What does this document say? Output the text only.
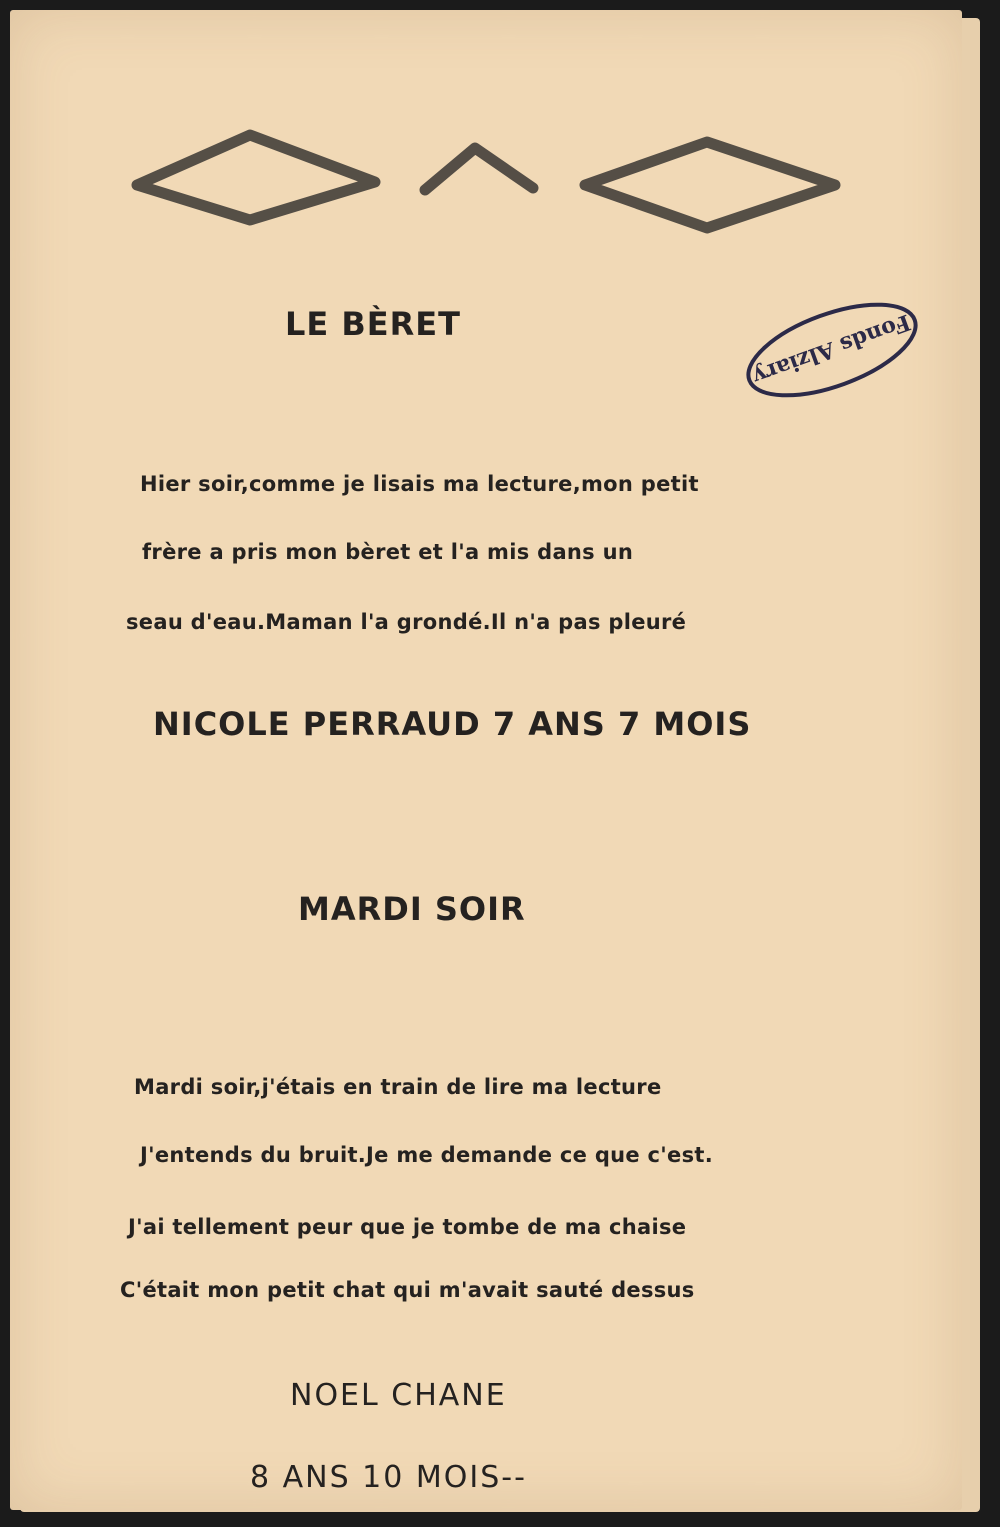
Fonds Alziary
LE BÈRET
Hier soir,comme je lisais ma lecture,mon petit
frère a pris mon bèret et l'a mis dans un
seau d'eau.Maman l'a grondé.Il n'a pas pleuré
NICOLE PERRAUD 7 ANS 7 MOIS
MARDI SOIR
Mardi soir,j'étais en train de lire ma lecture
J'entends du bruit.Je me demande ce que c'est.
J'ai tellement peur que je tombe de ma chaise
C'était mon petit chat qui m'avait sauté dessus
NOEL CHANE
8 ANS 10 MOIS--
